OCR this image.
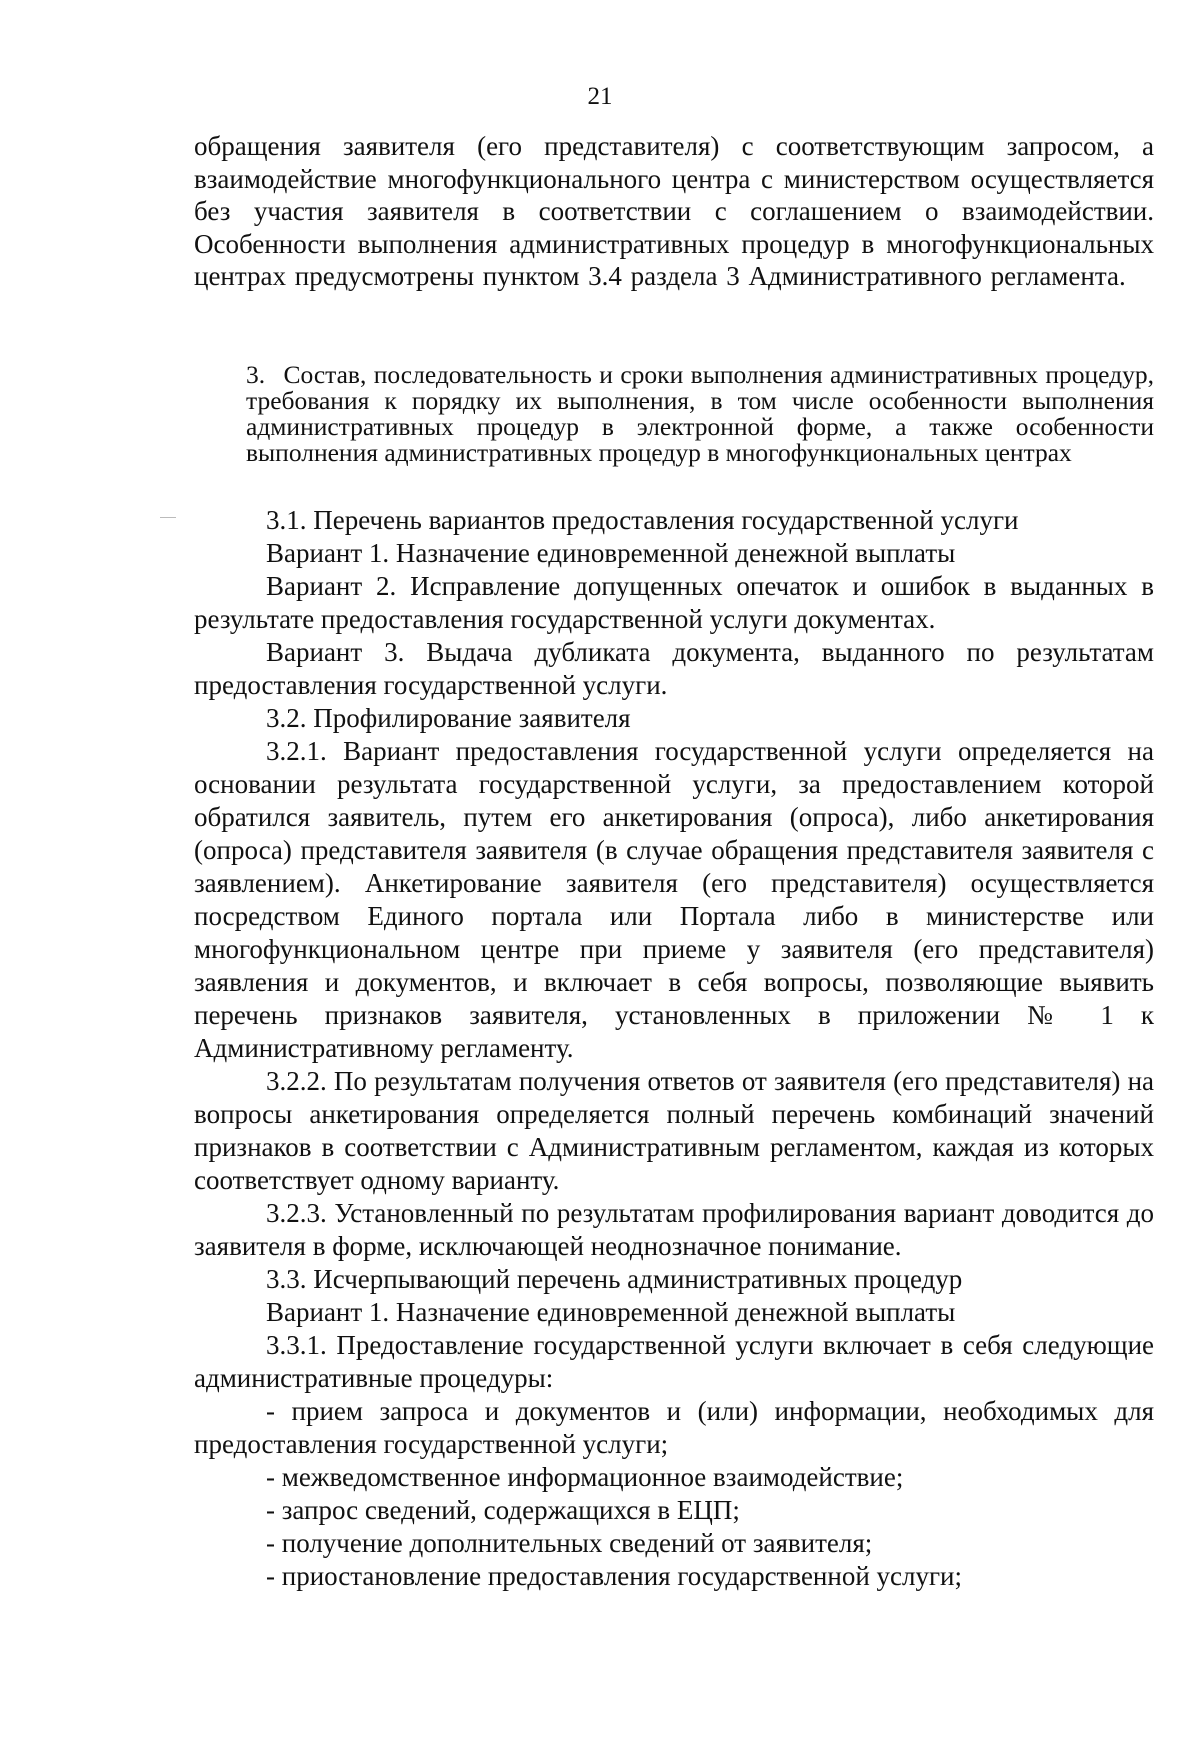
21

обращения заявителя (его представителя) с соответствующим запросом, а взаимодействие многофункционального центра с министерством осуществляется без участия заявителя в соответствии с соглашением о взаимодействии. Особенности выполнения административных процедур в многофункциональных центрах предусмотрены пунктом 3.4 раздела 3 Административного регламента.

3. Состав, последовательность и сроки выполнения административных процедур, требования к порядку их выполнения, в том числе особенности выполнения административных процедур в электронной форме, а также особенности выполнения административных процедур в многофункциональных центрах

3.1. Перечень вариантов предоставления государственной услуги

Вариант 1. Назначение единовременной денежной выплаты

Вариант 2. Исправление допущенных опечаток и ошибок в выданных в результате предоставления государственной услуги документах.

Вариант 3. Выдача дубликата документа, выданного по результатам предоставления государственной услуги.

3.2. Профилирование заявителя

3.2.1. Вариант предоставления государственной услуги определяется на основании результата государственной услуги, за предоставлением которой обратился заявитель, путем его анкетирования (опроса), либо анкетирования (опроса) представителя заявителя (в случае обращения представителя заявителя с заявлением). Анкетирование заявителя (его представителя) осуществляется посредством Единого портала или Портала либо в министерстве или многофункциональном центре при приеме у заявителя (его представителя) заявления и документов, и включает в себя вопросы, позволяющие выявить перечень признаков заявителя, установленных в приложении № 1 к Административному регламенту.

3.2.2. По результатам получения ответов от заявителя (его представителя) на вопросы анкетирования определяется полный перечень комбинаций значений признаков в соответствии с Административным регламентом, каждая из которых соответствует одному варианту.

3.2.3. Установленный по результатам профилирования вариант доводится до заявителя в форме, исключающей неоднозначное понимание.

3.3. Исчерпывающий перечень административных процедур

Вариант 1. Назначение единовременной денежной выплаты

3.3.1. Предоставление государственной услуги включает в себя следующие административные процедуры:

- прием запроса и документов и (или) информации, необходимых для предоставления государственной услуги;

- межведомственное информационное взаимодействие;

- запрос сведений, содержащихся в ЕЦП;

- получение дополнительных сведений от заявителя;

- приостановление предоставления государственной услуги;
